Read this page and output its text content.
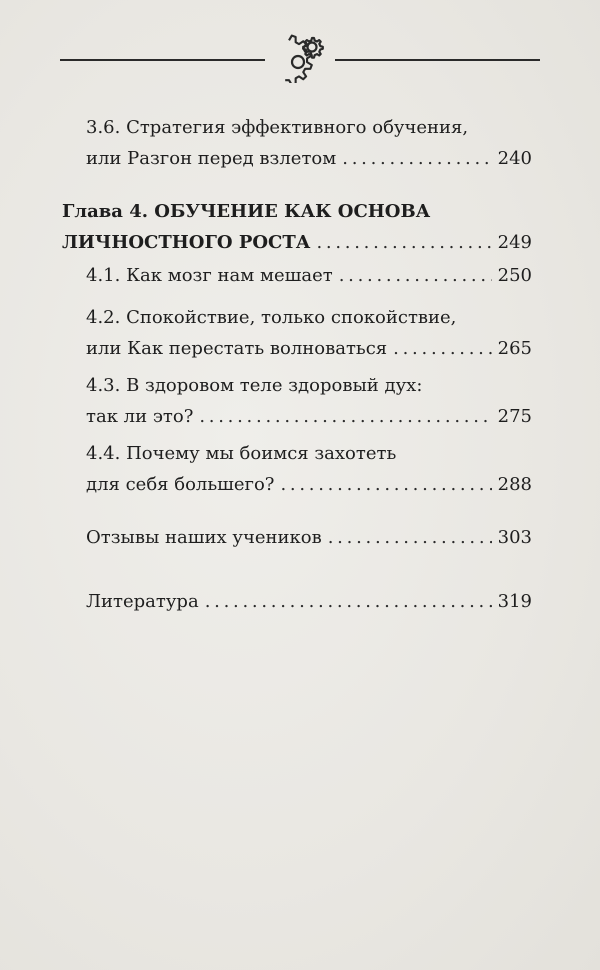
3.6. Стратегия эффективного обучения,
или Разгон перед взлетом . . .	240
Глава 4. ОБУЧЕНИЕ КАК ОСНОВА
ЛИЧНОСТНОГО РОСТА . . .	249
4.1. Как мозг нам мешает . . .	250
4.2. Спокойствие, только спокойствие,
или Как перестать волноваться . . .	265
4.3. В здоровом теле здоровый дух:
так ли это? . . .	275
4.4. Почему мы боимся захотеть
для себя большего? . . .	288
Отзывы наших учеников . . .	303
Литература . . .	319
